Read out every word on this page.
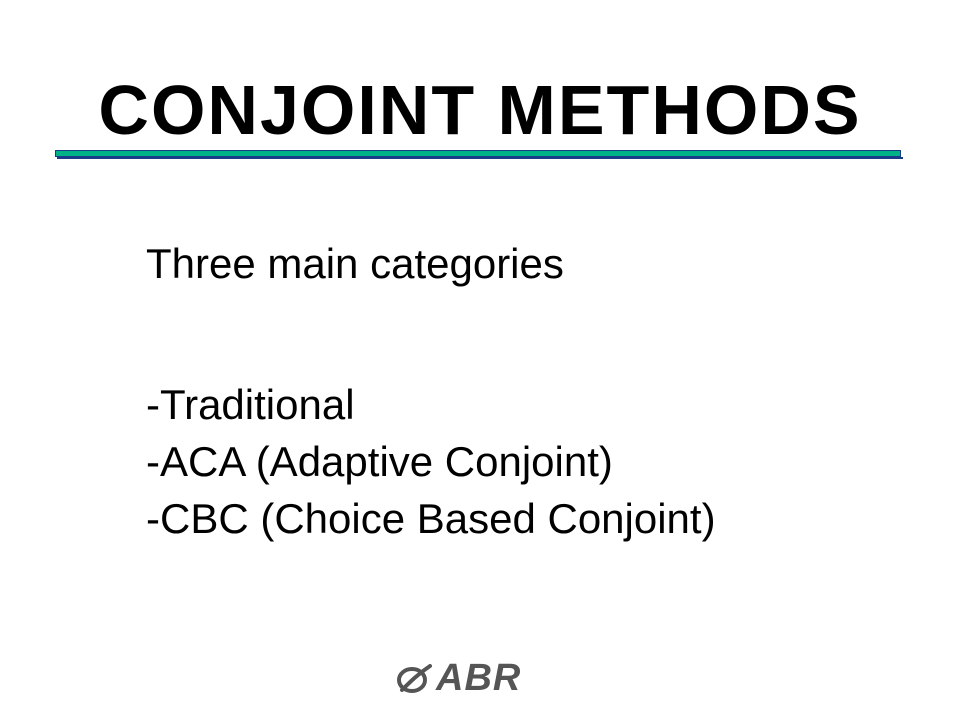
CONJOINT METHODS
Three main categories
-Traditional
-ACA (Adaptive Conjoint)
-CBC (Choice Based Conjoint)
ABR
